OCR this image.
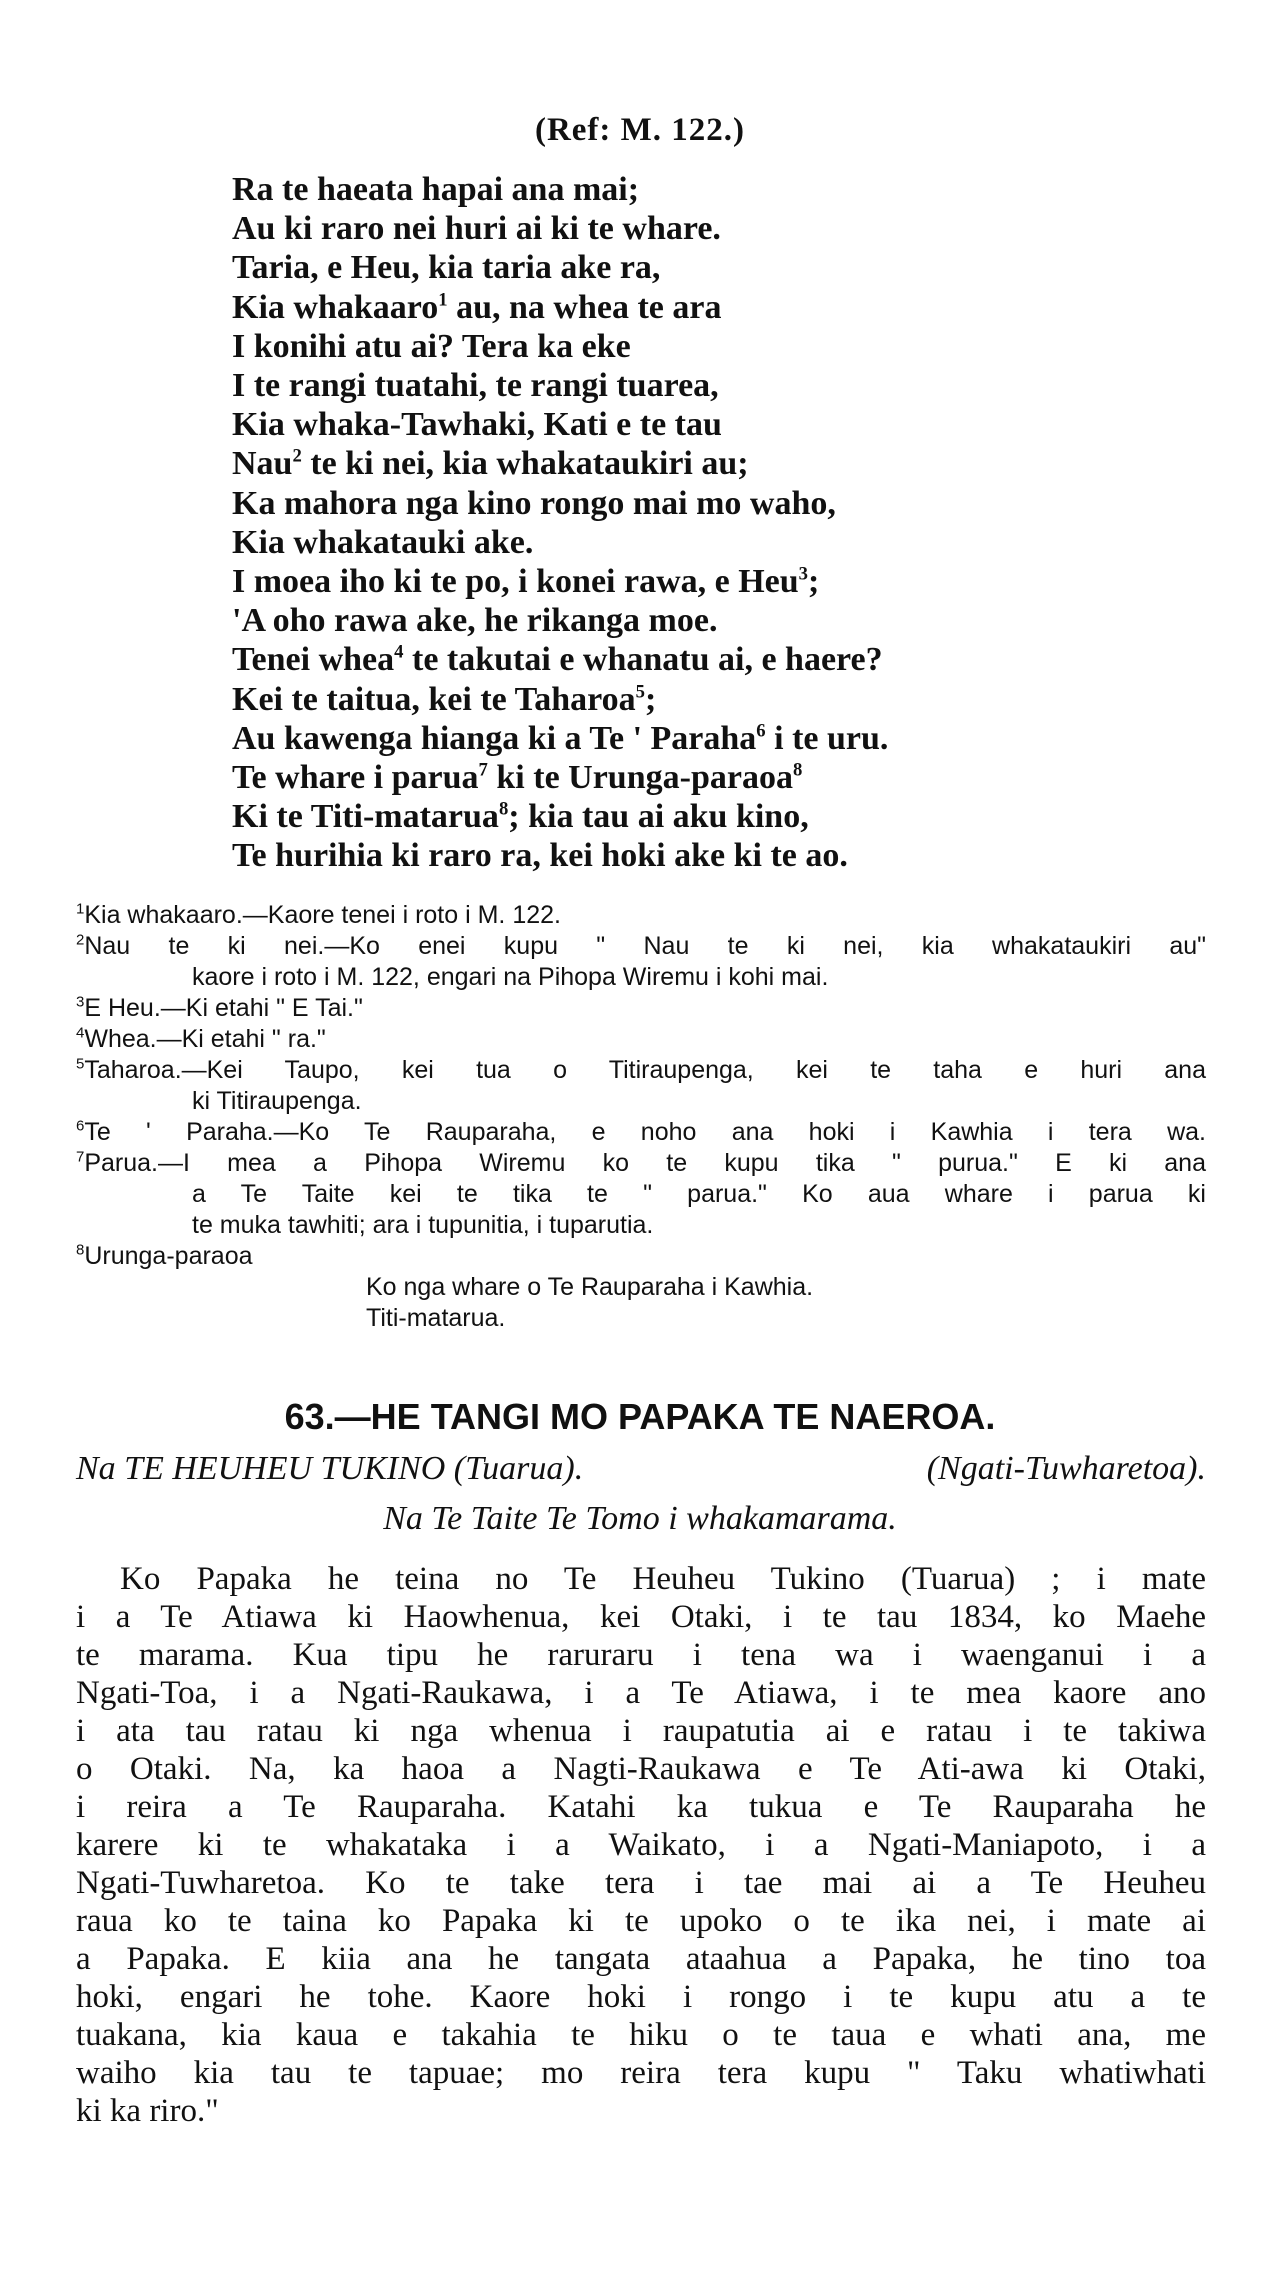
(Ref: M. 122.)
Ra te haeata hapai ana mai;
Au ki raro nei huri ai ki te whare.
Taria, e Heu, kia taria ake ra,
Kia whakaaro$^1$ au, na whea te ara
I konihi atu ai? Tera ka eke
I te rangi tuatahi, te rangi tuarea,
Kia whaka-Tawhaki, Kati e te tau
Nau$^2$ te ki nei, kia whakataukiri au;
Ka mahora nga kino rongo mai mo waho,
Kia whakatauki ake.
I moea iho ki te po, i konei rawa, e Heu$^3$;
'A oho rawa ake, he rikanga moe.
Tenei whea$^4$ te takutai e whanatu ai, e haere?
Kei te taitua, kei te Taharoa$^5$;
Au kawenga hianga ki a Te ' Paraha$^6$ i te uru.
Te whare i parua$^7$ ki te Urunga-paraoa$^8$
Ki te Titi-matarua$^8$; kia tau ai aku kino,
Te hurihia ki raro ra, kei hoki ake ki te ao.
$^1$Kia whakaaro.—Kaore tenei i roto i M. 122.
$^2$Nau te ki nei.—Ko enei kupu " Nau te ki nei, kia whakataukiri au"
kaore i roto i M. 122, engari na Pihopa Wiremu i kohi mai.
$^3$E Heu.—Ki etahi " E Tai."
$^4$Whea.—Ki etahi " ra."
$^5$Taharoa.—Kei Taupo, kei tua o Titiraupenga, kei te taha e huri ana
ki Titiraupenga.
$^6$Te ' Paraha.—Ko Te Rauparaha, e noho ana hoki i Kawhia i tera wa.
$^7$Parua.—I mea a Pihopa Wiremu ko te kupu tika " purua." E ki ana
a Te Taite kei te tika te " parua." Ko aua whare i parua ki
te muka tawhiti; ara i tupunitia, i tuparutia.
$^8$Urunga-paraoa
Ko nga whare o Te Rauparaha i Kawhia.
Titi-matarua.
63.—HE TANGI MO PAPAKA TE NAEROA.
Na TE HEUHEU TUKINO (Tuarua).	(Ngati-Tuwharetoa).
Na Te Taite Te Tomo i whakamarama.
Ko Papaka he teina no Te Heuheu Tukino (Tuarua) ; i mate
i a Te Atiawa ki Haowhenua, kei Otaki, i te tau 1834, ko Maehe
te marama. Kua tipu he raruraru i tena wa i waenganui i a
Ngati-Toa, i a Ngati-Raukawa, i a Te Atiawa, i te mea kaore ano
i ata tau ratau ki nga whenua i raupatutia ai e ratau i te takiwa
o Otaki. Na, ka haoa a Nagti-Raukawa e Te Ati-awa ki Otaki,
i reira a Te Rauparaha. Katahi ka tukua e Te Rauparaha he
karere ki te whakataka i a Waikato, i a Ngati-Maniapoto, i a
Ngati-Tuwharetoa. Ko te take tera i tae mai ai a Te Heuheu
raua ko te taina ko Papaka ki te upoko o te ika nei, i mate ai
a Papaka. E kiia ana he tangata ataahua a Papaka, he tino toa
hoki, engari he tohe. Kaore hoki i rongo i te kupu atu a te
tuakana, kia kaua e takahia te hiku o te taua e whati ana, me
waiho kia tau te tapuae; mo reira tera kupu " Taku whatiwhati
ki ka riro."
